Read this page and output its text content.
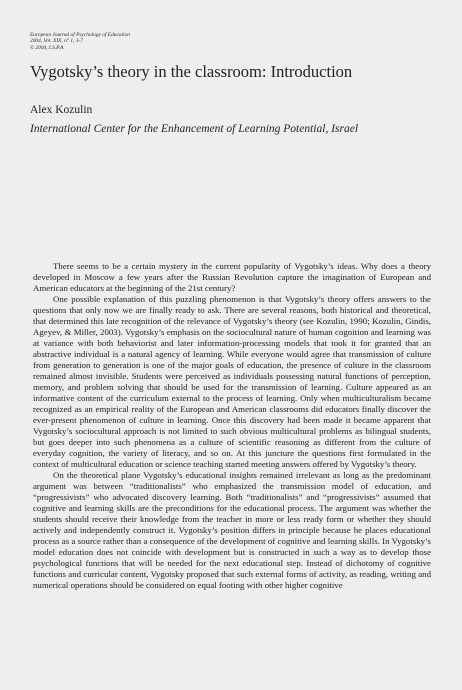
European Journal of Psychology of Education
2004, Vol. XIX, n° 1, 3-7
© 2004, I.S.P.A.
Vygotsky’s theory in the classroom: Introduction
Alex Kozulin
International Center for the Enhancement of Learning Potential, Israel

There seems to be a certain mystery in the current popularity of Vygotsky’s ideas. Why does a theory developed in Moscow a few years after the Russian Revolution capture the imagination of European and American educators at the beginning of the 21st century?

One possible explanation of this puzzling phenomenon is that Vygotsky’s theory offers answers to the questions that only now we are finally ready to ask. There are several reasons, both historical and theoretical, that determined this late recognition of the relevance of Vygotsky’s theory (see Kozulin, 1990; Kozulin, Gindis, Ageyev, & Miller, 2003). Vygotsky’s emphasis on the sociocultural nature of human cognition and learning was at variance with both behaviorist and later information-processing models that took it for granted that an abstractive individual is a natural agency of learning. While everyone would agree that transmission of culture from generation to generation is one of the major goals of education, the presence of culture in the classroom remained almost invisible. Students were perceived as individuals possessing natural functions of perception, memory, and problem solving that should be used for the transmission of learning. Culture appeared as an informative content of the curriculum external to the process of learning. Only when multiculturalism became recognized as an empirical reality of the European and American classrooms did educators finally discover the ever-present phenomenon of culture in learning. Once this discovery had been made it became apparent that Vygotsky’s sociocultural approach is not limited to such obvious multicultural problems as bilingual students, but goes deeper into such phenomena as a culture of scientific reasoning as different from the culture of everyday cognition, the variety of literacy, and so on. At this juncture the questions first formulated in the context of multicultural education or science teaching started meeting answers offered by Vygotsky’s theory.

On the theoretical plane Vygotsky’s educational insights remained irrelevant as long as the predominant argument was between “traditionalists” who emphasized the transmission model of education, and “progressivists” who advocated discovery learning. Both “traditionalists” and “progressivists” assumed that cognitive and learning skills are the preconditions for the educational process. The argument was whether the students should receive their knowledge from the teacher in more or less ready form or whether they should actively and independently construct it. Vygotsky’s position differs in principle because he places educational process as a source rather than a consequence of the development of cognitive and learning skills. In Vygotsky’s model education does not coincide with development but is constructed in such a way as to develop those psychological functions that will be needed for the next educational step. Instead of dichotomy of cognitive functions and curricular content, Vygotsky proposed that such external forms of activity, as reading, writing and numerical operations should be considered on equal footing with other higher cognitive
